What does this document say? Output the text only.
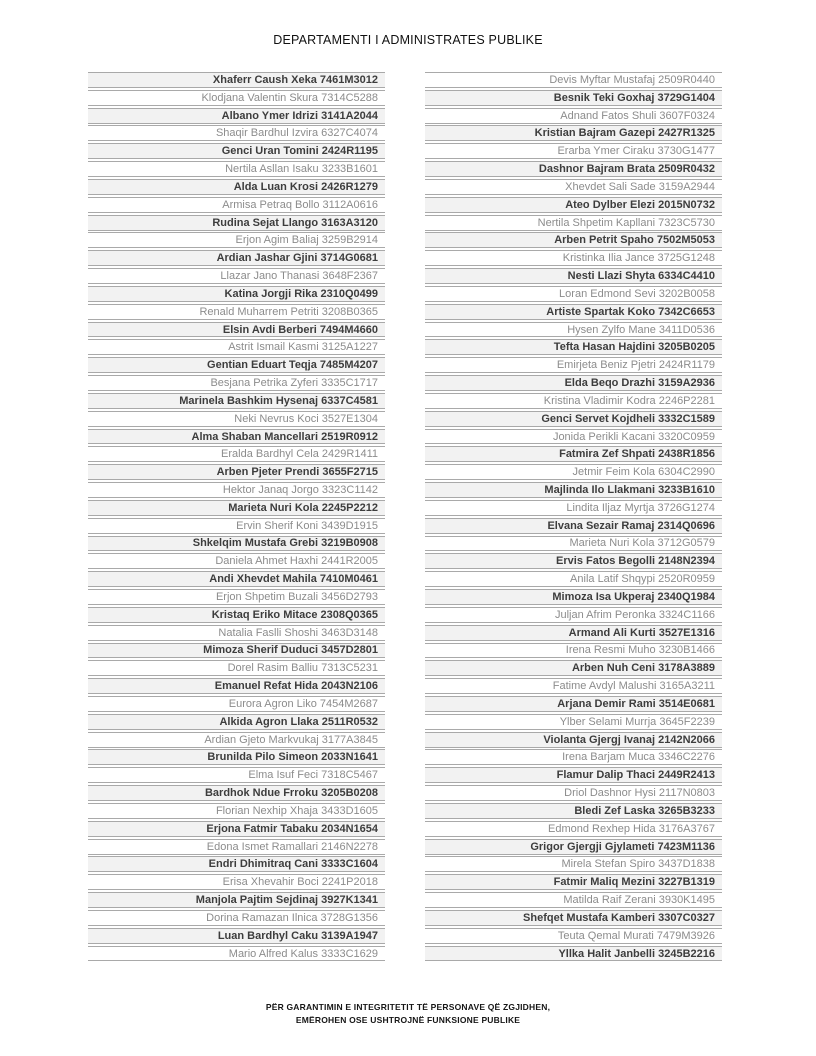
DEPARTAMENTI I ADMINISTRATES PUBLIKE
Xhaferr Caush Xeka 7461M3012
Klodjana Valentin Skura 7314C5288
Albano Ymer Idrizi 3141A2044
Shaqir Bardhul Izvira 6327C4074
Genci Uran Tomini 2424R1195
Nertila Asllan Isaku 3233B1601
Alda Luan Krosi 2426R1279
Armisa Petraq Bollo 3112A0616
Rudina Sejat Llango 3163A3120
Erjon Agim Baliaj 3259B2914
Ardian Jashar Gjini 3714G0681
Llazar Jano Thanasi 3648F2367
Katina Jorgji Rika 2310Q0499
Renald Muharrem Petriti 3208B0365
Elsin Avdi Berberi 7494M4660
Astrit Ismail Kasmi 3125A1227
Gentian Eduart Teqja 7485M4207
Besjana Petrika Zyferi 3335C1717
Marinela Bashkim Hysenaj 6337C4581
Neki Nevrus Koci 3527E1304
Alma Shaban Mancellari 2519R0912
Eralda Bardhyl Cela 2429R1411
Arben Pjeter Prendi 3655F2715
Hektor Janaq Jorgo 3323C1142
Marieta Nuri Kola 2245P2212
Ervin Sherif Koni 3439D1915
Shkelqim Mustafa Grebi 3219B0908
Daniela Ahmet Haxhi 2441R2005
Andi Xhevdet Mahila 7410M0461
Erjon Shpetim Buzali 3456D2793
Kristaq Eriko Mitace 2308Q0365
Natalia Faslli Shoshi 3463D3148
Mimoza Sherif Duduci 3457D2801
Dorel Rasim Balliu 7313C5231
Emanuel Refat Hida 2043N2106
Eurora Agron Liko 7454M2687
Alkida Agron Llaka 2511R0532
Ardian Gjeto Markvukaj 3177A3845
Brunilda Pilo Simeon 2033N1641
Elma Isuf Feci 7318C5467
Bardhok Ndue Frroku 3205B0208
Florian Nexhip Xhaja 3433D1605
Erjona Fatmir Tabaku 2034N1654
Edona Ismet Ramallari 2146N2278
Endri Dhimitraq Cani 3333C1604
Erisa Xhevahir Boci 2241P2018
Manjola Pajtim Sejdinaj 3927K1341
Dorina Ramazan Ilnica 3728G1356
Luan Bardhyl Caku 3139A1947
Mario Alfred Kalus 3333C1629
Devis Myftar Mustafaj 2509R0440
Besnik Teki Goxhaj 3729G1404
Adnand Fatos Shuli 3607F0324
Kristian Bajram Gazepi 2427R1325
Erarba Ymer Ciraku 3730G1477
Dashnor Bajram Brata 2509R0432
Xhevdet Sali Sade 3159A2944
Ateo Dylber Elezi 2015N0732
Nertila Shpetim Kapllani 7323C5730
Arben Petrit Spaho 7502M5053
Kristinka Ilia Jance 3725G1248
Nesti Llazi Shyta 6334C4410
Loran Edmond Sevi 3202B0058
Artiste Spartak Koko 7342C6653
Hysen Zylfo Mane 3411D0536
Tefta Hasan Hajdini 3205B0205
Emirjeta Beniz Pjetri 2424R1179
Elda Beqo Drazhi 3159A2936
Kristina Vladimir Kodra 2246P2281
Genci Servet Kojdheli 3332C1589
Jonida Perikli Kacani 3320C0959
Fatmira Zef Shpati 2438R1856
Jetmir Feim Kola 6304C2990
Majlinda Ilo Llakmani 3233B1610
Lindita Iljaz Myrtja 3726G1274
Elvana Sezair Ramaj 2314Q0696
Marieta Nuri Kola 3712G0579
Ervis Fatos Begolli 2148N2394
Anila Latif Shqypi 2520R0959
Mimoza Isa Ukperaj 2340Q1984
Juljan Afrim Peronka 3324C1166
Armand Ali Kurti 3527E1316
Irena Resmi Muho 3230B1466
Arben Nuh Ceni 3178A3889
Fatime Avdyl Malushi 3165A3211
Arjana Demir Rami 3514E0681
Ylber Selami Murrja 3645F2239
Violanta Gjergj Ivanaj 2142N2066
Irena Barjam Muca 3346C2276
Flamur Dalip Thaci 2449R2413
Driol Dashnor Hysi 2117N0803
Bledi Zef Laska 3265B3233
Edmond Rexhep Hida 3176A3767
Grigor Gjergji Gjylameti 7423M1136
Mirela Stefan Spiro 3437D1838
Fatmir Maliq Mezini 3227B1319
Matilda Raif Zerani 3930K1495
Shefqet Mustafa Kamberi 3307C0327
Teuta Qemal Murati 7479M3926
Yllka Halit Janbelli 3245B2216
PËR GARANTIMIN E INTEGRITETIT TË PERSONAVE QË ZGJIDHEN,
EMËROHEN OSE USHTROJNË FUNKSIONE PUBLIKE
